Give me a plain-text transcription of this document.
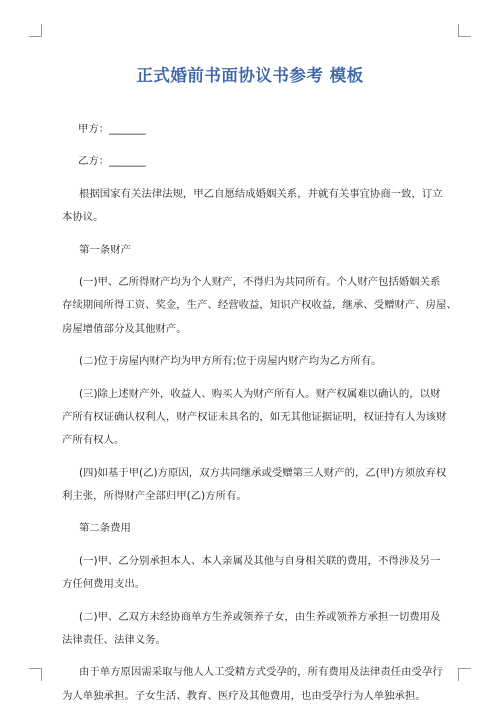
正式婚前书面协议书参考 模板
甲方：_______
乙方：_______
根据国家有关法律法规，甲乙自愿结成婚姻关系，并就有关事宜协商一致，订立
本协议。
第一条财产
(一)甲、乙所得财产均为个人财产，不得归为共同所有。个人财产包括婚姻关系
存续期间所得工资、奖金，生产、经营收益，知识产权收益，继承、受赠财产、房屋、
房屋增值部分及其他财产。
(二)位于房屋内财产均为甲方所有;位于房屋内财产均为乙方所有。
(三)除上述财产外，收益人、购买人为财产所有人。财产权属难以确认的，以财
产所有权证确认权利人，财产权证未具名的，如无其他证据证明，权证持有人为该财
产所有权人。
(四)如基于甲(乙)方原因，双方共同继承或受赠第三人财产的，乙(甲)方须放弃权
利主张，所得财产全部归甲(乙)方所有。
第二条费用
(一)甲、乙分别承担本人、本人亲属及其他与自身相关联的费用，不得涉及另一
方任何费用支出。
(二)甲、乙双方未经协商单方生养或领养子女，由生养或领养方承担一切费用及
法律责任、法律义务。
由于单方原因需采取与他人人工受精方式受孕的，所有费用及法律责任由受孕行
为人单独承担。子女生活、教育、医疗及其他费用，也由受孕行为人单独承担。
